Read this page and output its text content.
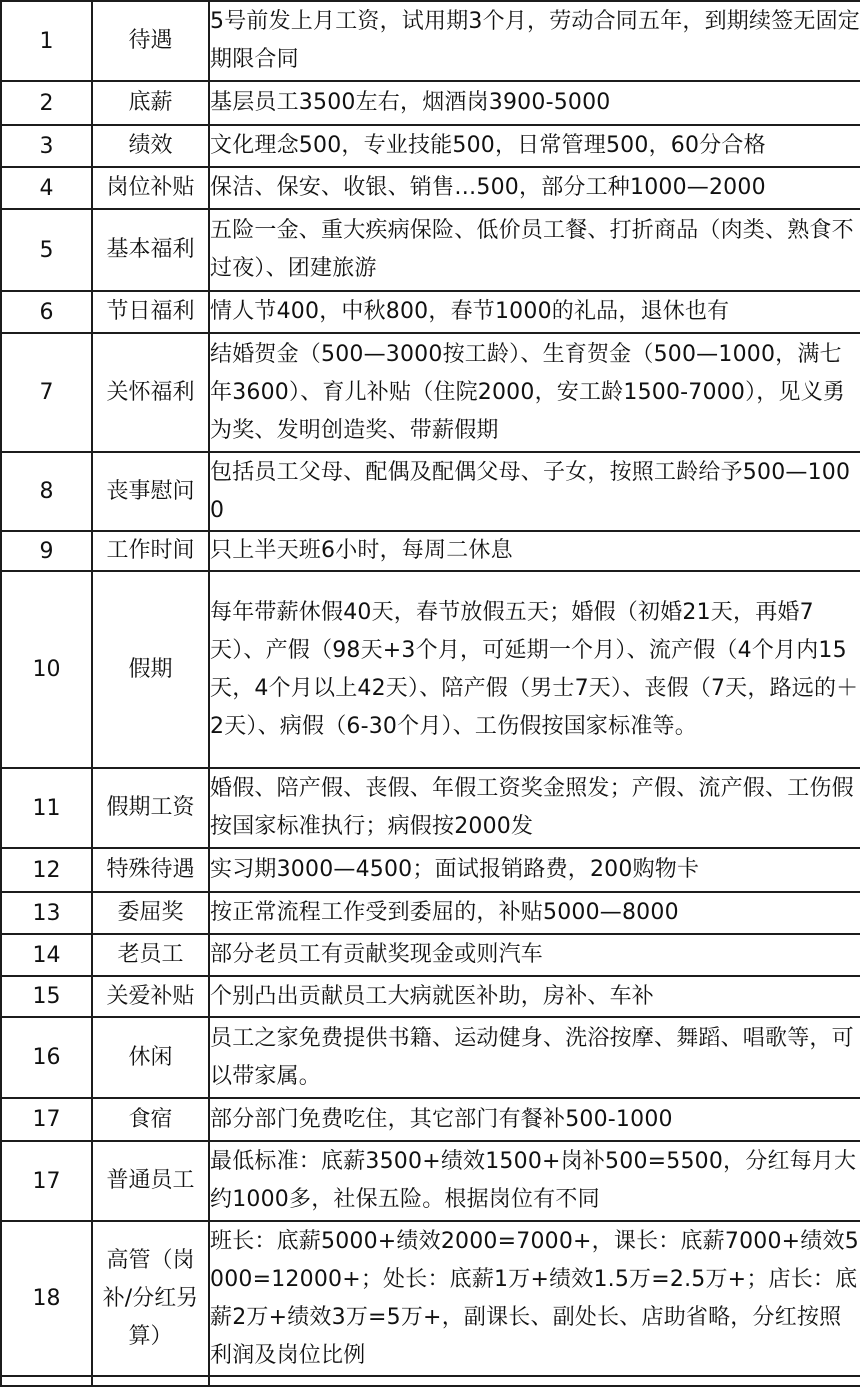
1	待遇	5号前发上月工资，试用期3个月，劳动合同五年，到期续签无固定期限合同
2	底薪	基层员工3500左右，烟酒岗3900-5000
3	绩效	文化理念500，专业技能500，日常管理500，60分合格
4	岗位补贴	保洁、保安、收银、销售…500，部分工种1000—2000
5	基本福利	五险一金、重大疾病保险、低价员工餐、打折商品（肉类、熟食不过夜）、团建旅游
6	节日福利	情人节400，中秋800，春节1000的礼品，退休也有
7	关怀福利	结婚贺金（500—3000按工龄）、生育贺金（500—1000，满七年3600）、育儿补贴（住院2000，安工龄1500-7000），见义勇为奖、发明创造奖、带薪假期
8	丧事慰问	包括员工父母、配偶及配偶父母、子女，按照工龄给予500—1000
9	工作时间	只上半天班6小时，每周二休息
10	假期	每年带薪休假40天，春节放假五天；婚假（初婚21天，再婚7天）、产假（98天+3个月，可延期一个月）、流产假（4个月内15天，4个月以上42天）、陪产假（男士7天）、丧假（7天，路远的＋2天）、病假（6-30个月）、工伤假按国家标准等。
11	假期工资	婚假、陪产假、丧假、年假工资奖金照发；产假、流产假、工伤假按国家标准执行；病假按2000发
12	特殊待遇	实习期3000—4500；面试报销路费，200购物卡
13	委屈奖	按正常流程工作受到委屈的，补贴5000—8000
14	老员工	部分老员工有贡献奖现金或则汽车
15	关爱补贴	个别凸出贡献员工大病就医补助，房补、车补
16	休闲	员工之家免费提供书籍、运动健身、洗浴按摩、舞蹈、唱歌等，可以带家属。
17	食宿	部分部门免费吃住，其它部门有餐补500-1000
17	普通员工	最低标准：底薪3500+绩效1500+岗补500=5500，分红每月大约1000多，社保五险。根据岗位有不同
18	高管（岗补/分红另算）	班长：底薪5000+绩效2000=7000+，课长：底薪7000+绩效5000=12000+；处长：底薪1万+绩效1.5万=2.5万+；店长：底薪2万+绩效3万=5万+，副课长、副处长、店助省略，分红按照利润及岗位比例
